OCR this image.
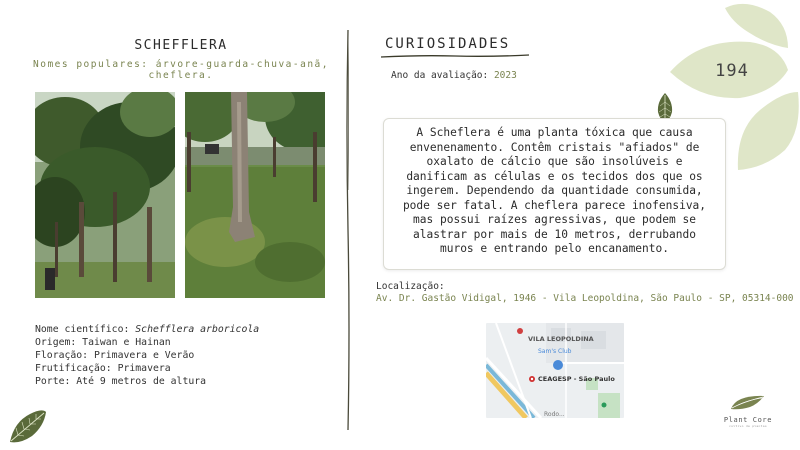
SCHEFFLERA
Nomes populares: árvore-guarda-chuva-anã, cheflera.
Nome científico: Schefflera arboricola
Origem: Taiwan e Hainan
Floração: Primavera e Verão
Frutificação: Primavera
Porte: Até 9 metros de altura
CURIOSIDADES
Ano da avaliação: 2023	194
A Scheflera é uma planta tóxica que causa envenenamento. Contêm cristais "afiados" de oxalato de cálcio que são insolúveis e danificam as células e os tecidos dos que os ingerem. Dependendo da quantidade consumida, pode ser fatal. A cheflera parece inofensiva, mas possui raízes agressivas, que podem se alastrar por mais de 10 metros, derrubando muros e entrando pelo encanamento.
Localização:
Av. Dr. Gastão Vidigal, 1946 - Vila Leopoldina, São Paulo - SP, 05314-000
VILA LEOPOLDINA
Sam's Club
CEAGESP - São Paulo
Rodo...
Plant Core
cultivo de plantas
